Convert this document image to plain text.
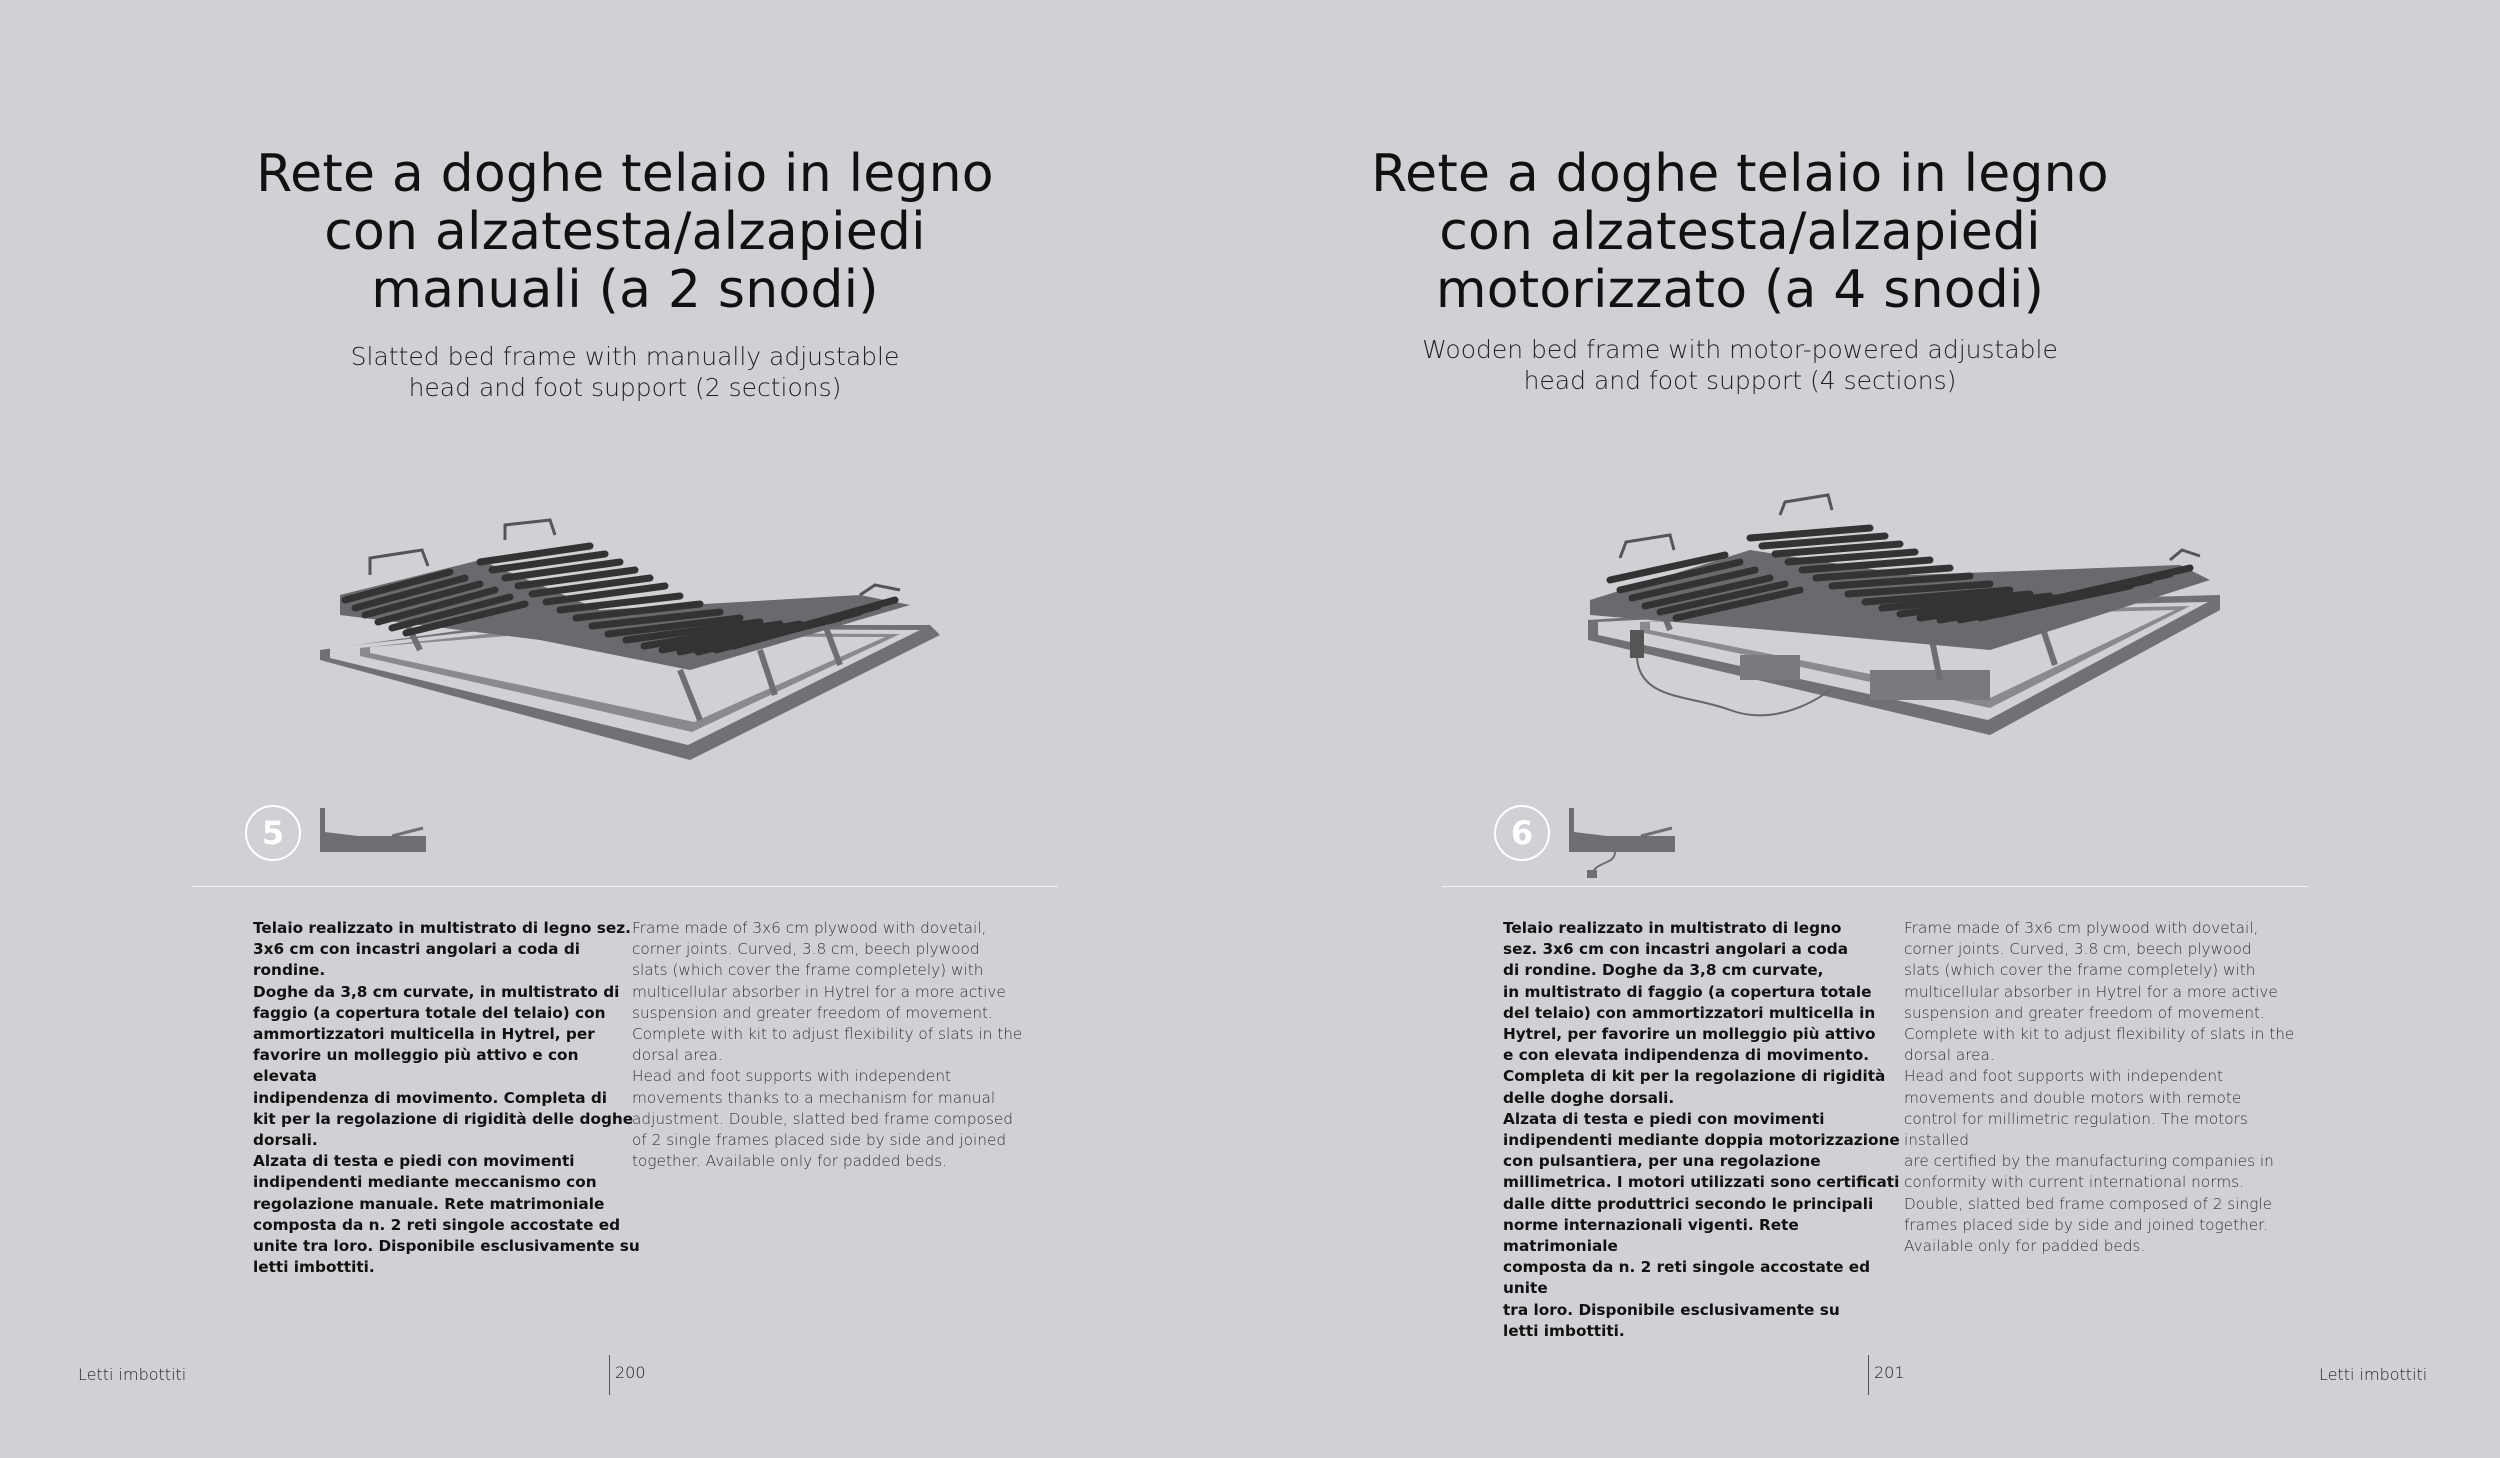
Rete a doghe telaio in legno
con alzatesta/alzapiedi
manuali (a 2 snodi)

Slatted bed frame with manually adjustable
head and foot support (2 sections)

5

Telaio realizzato in multistrato di legno sez.
3x6 cm con incastri angolari a coda di rondine.
Doghe da 3,8 cm curvate, in multistrato di
faggio (a copertura totale del telaio) con
ammortizzatori multicella in Hytrel, per
favorire un molleggio più attivo e con elevata
indipendenza di movimento. Completa di
kit per la regolazione di rigidità delle doghe
dorsali.
Alzata di testa e piedi con movimenti
indipendenti mediante meccanismo con
regolazione manuale. Rete matrimoniale
composta da n. 2 reti singole accostate ed
unite tra loro. Disponibile esclusivamente su
letti imbottiti.

Frame made of 3x6 cm plywood with dovetail,
corner joints. Curved, 3.8 cm, beech plywood
slats (which cover the frame completely) with
multicellular absorber in Hytrel for a more active
suspension and greater freedom of movement.
Complete with kit to adjust flexibility of slats in the
dorsal area.
Head and foot supports with independent
movements thanks to a mechanism for manual
adjustment. Double, slatted bed frame composed
of 2 single frames placed side by side and joined
together. Available only for padded beds.

Letti imbottiti	200
Rete a doghe telaio in legno
con alzatesta/alzapiedi
motorizzato (a 4 snodi)

Wooden bed frame with motor-powered adjustable
head and foot support (4 sections)

6

Telaio realizzato in multistrato di legno
sez. 3x6 cm con incastri angolari a coda
di rondine. Doghe da 3,8 cm curvate,
in multistrato di faggio (a copertura totale
del telaio) con ammortizzatori multicella in
Hytrel, per favorire un molleggio più attivo
e con elevata indipendenza di movimento.
Completa di kit per la regolazione di rigidità
delle doghe dorsali.
Alzata di testa e piedi con movimenti
indipendenti mediante doppia motorizzazione
con pulsantiera, per una regolazione
millimetrica. I motori utilizzati sono certificati
dalle ditte produttrici secondo le principali
norme internazionali vigenti. Rete matrimoniale
composta da n. 2 reti singole accostate ed unite
tra loro. Disponibile esclusivamente su
letti imbottiti.

Frame made of 3x6 cm plywood with dovetail,
corner joints. Curved, 3.8 cm, beech plywood
slats (which cover the frame completely) with
multicellular absorber in Hytrel for a more active
suspension and greater freedom of movement.
Complete with kit to adjust flexibility of slats in the
dorsal area.
Head and foot supports with independent
movements and double motors with remote
control for millimetric regulation. The motors installed
are certified by the manufacturing companies in
conformity with current international norms.
Double, slatted bed frame composed of 2 single
frames placed side by side and joined together.
Available only for padded beds.

201	Letti imbottiti
